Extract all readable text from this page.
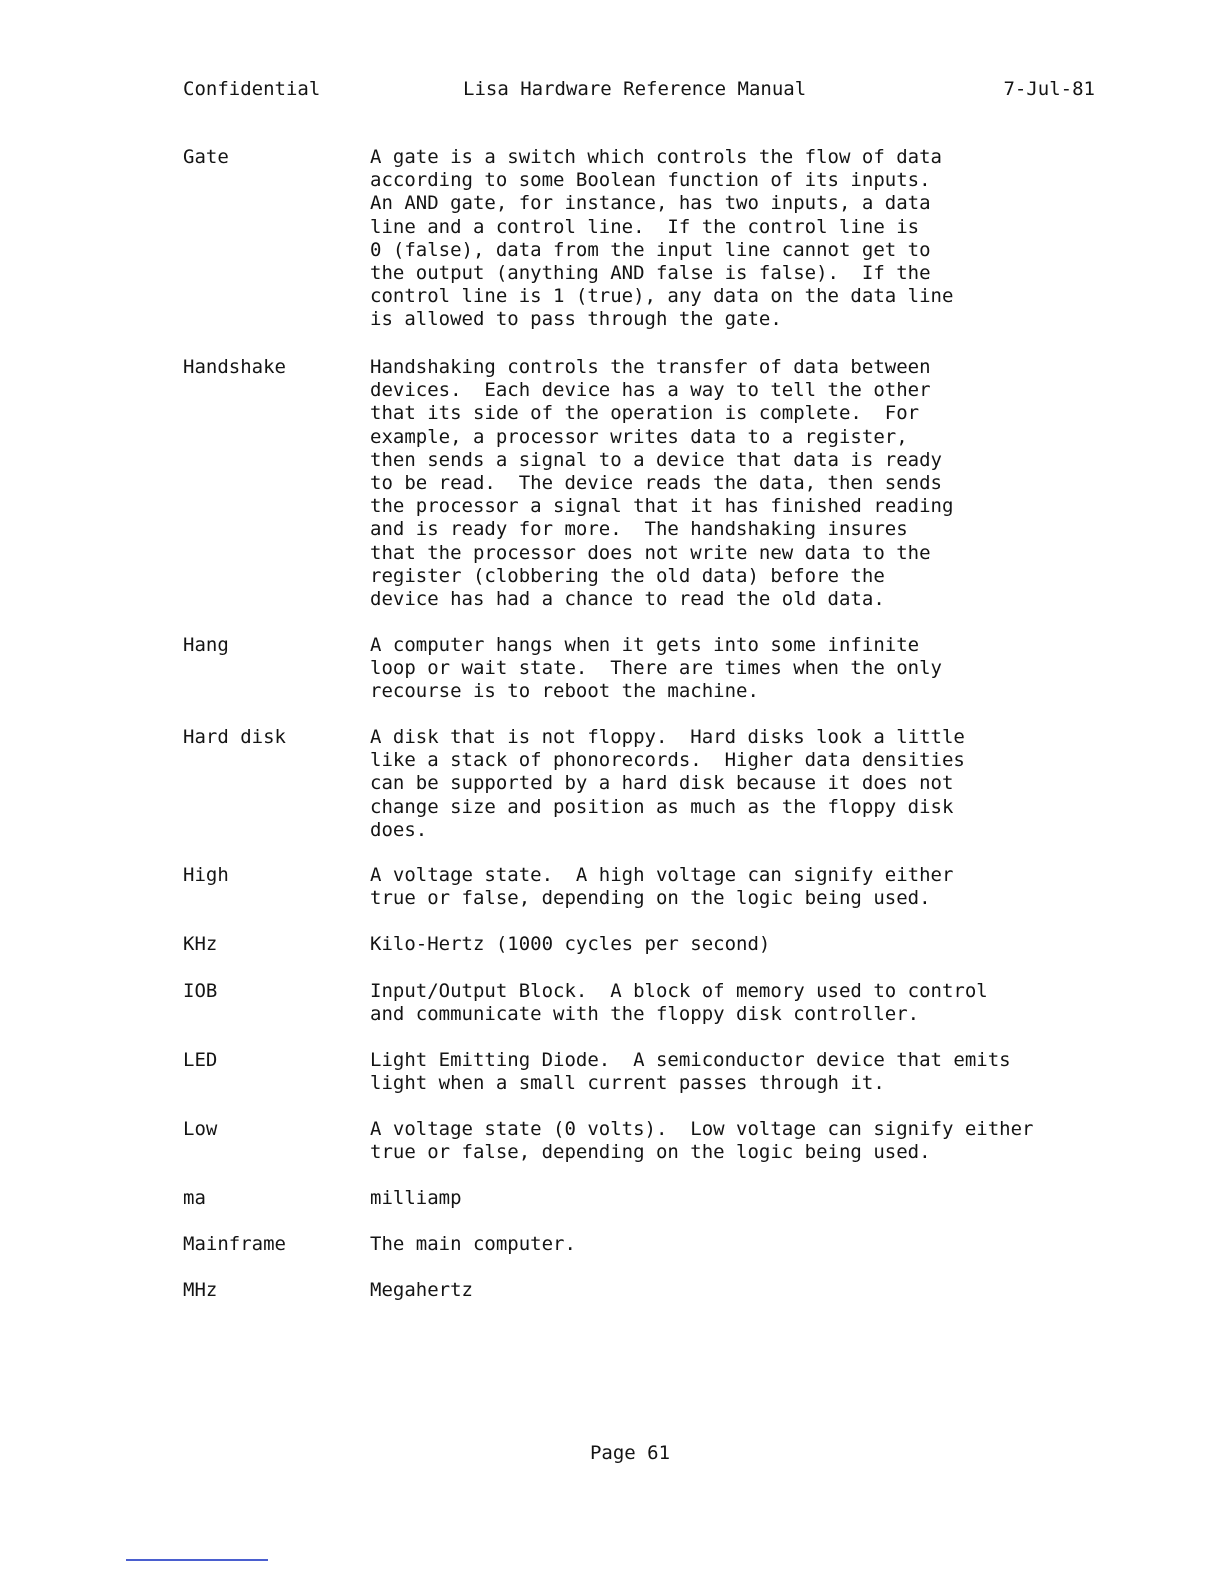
Confidential	Lisa Hardware Reference Manual	7-Jul-81
Gate	A gate is a switch which controls the flow of data
according to some Boolean function of its inputs.
An AND gate, for instance, has two inputs, a data
line and a control line.  If the control line is
0 (false), data from the input line cannot get to
the output (anything AND false is false).  If the
control line is 1 (true), any data on the data line
is allowed to pass through the gate.
Handshake	Handshaking controls the transfer of data between
devices.  Each device has a way to tell the other
that its side of the operation is complete.  For
example, a processor writes data to a register,
then sends a signal to a device that data is ready
to be read.  The device reads the data, then sends
the processor a signal that it has finished reading
and is ready for more.  The handshaking insures
that the processor does not write new data to the
register (clobbering the old data) before the
device has had a chance to read the old data.
Hang	A computer hangs when it gets into some infinite
loop or wait state.  There are times when the only
recourse is to reboot the machine.
Hard disk	A disk that is not floppy.  Hard disks look a little
like a stack of phonorecords.  Higher data densities
can be supported by a hard disk because it does not
change size and position as much as the floppy disk
does.
High	A voltage state.  A high voltage can signify either
true or false, depending on the logic being used.
KHz	Kilo-Hertz (1000 cycles per second)
IOB	Input/Output Block.  A block of memory used to control
and communicate with the floppy disk controller.
LED	Light Emitting Diode.  A semiconductor device that emits
light when a small current passes through it.
Low	A voltage state (0 volts).  Low voltage can signify either
true or false, depending on the logic being used.
ma	milliamp
Mainframe	The main computer.
MHz	Megahertz
Page 61
